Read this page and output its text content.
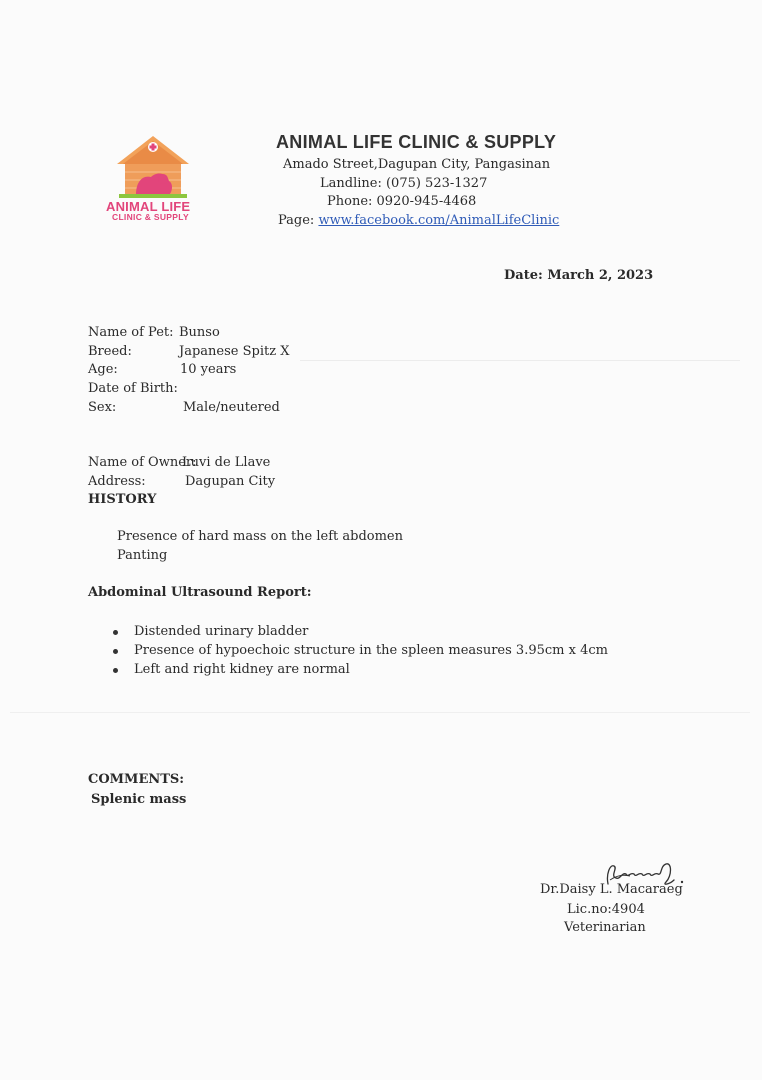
ANIMAL LIFE
CLINIC & SUPPLY
ANIMAL LIFE CLINIC & SUPPLY
Amado Street,Dagupan City, Pangasinan
Landline: (075) 523-1327
Phone: 0920-945-4468
Page: www.facebook.com/AnimalLifeClinic
Date: March 2, 2023
Name of Pet: Bunso
Breed:	Japanese Spitz X
Age:	10 years
Date of Birth:
Sex:	Male/neutered
Name of Owner:
Luvi de Llave
Address:	Dagupan City
HISTORY
Presence of hard mass on the left abdomen
Panting
Abdominal Ultrasound Report:
Distended urinary bladder
Presence of hypoechoic structure in the spleen measures 3.95cm x 4cm
Left and right kidney are normal
COMMENTS:
Splenic mass
Dr.Daisy L. Macaraeg
Lic.no:4904
Veterinarian
